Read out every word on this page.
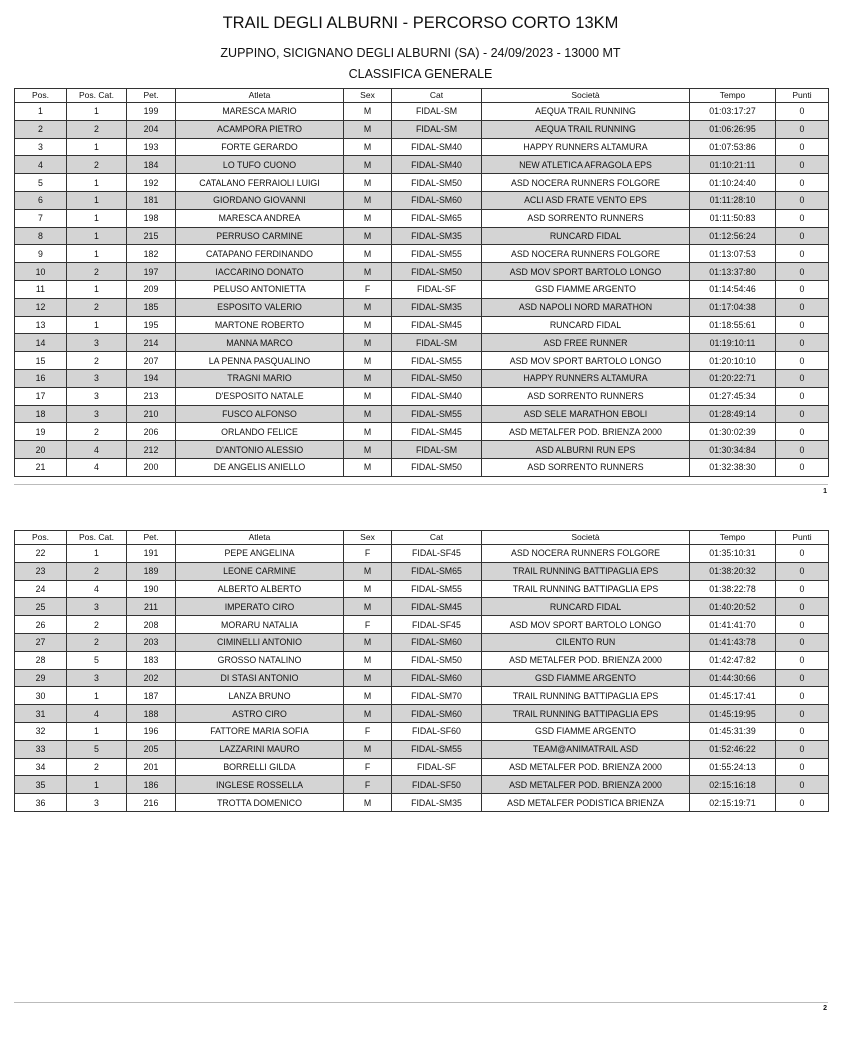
TRAIL DEGLI ALBURNI - PERCORSO CORTO 13KM
ZUPPINO, SICIGNANO DEGLI ALBURNI (SA) - 24/09/2023 - 13000 MT
CLASSIFICA GENERALE
Pos.	Pos. Cat.	Pet.	Atleta	Sex	Cat	Società	Tempo	Punti
1	1	199	MARESCA MARIO	M	FIDAL-SM	AEQUA TRAIL RUNNING	01:03:17:27	0
2	2	204	ACAMPORA PIETRO	M	FIDAL-SM	AEQUA TRAIL RUNNING	01:06:26:95	0
3	1	193	FORTE GERARDO	M	FIDAL-SM40	HAPPY RUNNERS ALTAMURA	01:07:53:86	0
4	2	184	LO TUFO CUONO	M	FIDAL-SM40	NEW ATLETICA AFRAGOLA EPS	01:10:21:11	0
5	1	192	CATALANO FERRAIOLI LUIGI	M	FIDAL-SM50	ASD NOCERA RUNNERS FOLGORE	01:10:24:40	0
6	1	181	GIORDANO GIOVANNI	M	FIDAL-SM60	ACLI ASD FRATE VENTO EPS	01:11:28:10	0
7	1	198	MARESCA ANDREA	M	FIDAL-SM65	ASD SORRENTO RUNNERS	01:11:50:83	0
8	1	215	PERRUSO CARMINE	M	FIDAL-SM35	RUNCARD FIDAL	01:12:56:24	0
9	1	182	CATAPANO FERDINANDO	M	FIDAL-SM55	ASD NOCERA RUNNERS FOLGORE	01:13:07:53	0
10	2	197	IACCARINO DONATO	M	FIDAL-SM50	ASD MOV SPORT BARTOLO LONGO	01:13:37:80	0
11	1	209	PELUSO ANTONIETTA	F	FIDAL-SF	GSD FIAMME ARGENTO	01:14:54:46	0
12	2	185	ESPOSITO VALERIO	M	FIDAL-SM35	ASD NAPOLI NORD MARATHON	01:17:04:38	0
13	1	195	MARTONE ROBERTO	M	FIDAL-SM45	RUNCARD FIDAL	01:18:55:61	0
14	3	214	MANNA MARCO	M	FIDAL-SM	ASD FREE RUNNER	01:19:10:11	0
15	2	207	LA PENNA PASQUALINO	M	FIDAL-SM55	ASD MOV SPORT BARTOLO LONGO	01:20:10:10	0
16	3	194	TRAGNI MARIO	M	FIDAL-SM50	HAPPY RUNNERS ALTAMURA	01:20:22:71	0
17	3	213	D'ESPOSITO NATALE	M	FIDAL-SM40	ASD SORRENTO RUNNERS	01:27:45:34	0
18	3	210	FUSCO ALFONSO	M	FIDAL-SM55	ASD SELE MARATHON EBOLI	01:28:49:14	0
19	2	206	ORLANDO FELICE	M	FIDAL-SM45	ASD METALFER POD. BRIENZA 2000	01:30:02:39	0
20	4	212	D'ANTONIO ALESSIO	M	FIDAL-SM	ASD ALBURNI RUN EPS	01:30:34:84	0
21	4	200	DE ANGELIS ANIELLO	M	FIDAL-SM50	ASD SORRENTO RUNNERS	01:32:38:30	0
1
Pos.	Pos. Cat.	Pet.	Atleta	Sex	Cat	Società	Tempo	Punti
22	1	191	PEPE ANGELINA	F	FIDAL-SF45	ASD NOCERA RUNNERS FOLGORE	01:35:10:31	0
23	2	189	LEONE CARMINE	M	FIDAL-SM65	TRAIL RUNNING BATTIPAGLIA EPS	01:38:20:32	0
24	4	190	ALBERTO ALBERTO	M	FIDAL-SM55	TRAIL RUNNING BATTIPAGLIA EPS	01:38:22:78	0
25	3	211	IMPERATO CIRO	M	FIDAL-SM45	RUNCARD FIDAL	01:40:20:52	0
26	2	208	MORARU NATALIA	F	FIDAL-SF45	ASD MOV SPORT BARTOLO LONGO	01:41:41:70	0
27	2	203	CIMINELLI ANTONIO	M	FIDAL-SM60	CILENTO RUN	01:41:43:78	0
28	5	183	GROSSO NATALINO	M	FIDAL-SM50	ASD METALFER POD. BRIENZA 2000	01:42:47:82	0
29	3	202	DI STASI ANTONIO	M	FIDAL-SM60	GSD FIAMME ARGENTO	01:44:30:66	0
30	1	187	LANZA BRUNO	M	FIDAL-SM70	TRAIL RUNNING BATTIPAGLIA EPS	01:45:17:41	0
31	4	188	ASTRO CIRO	M	FIDAL-SM60	TRAIL RUNNING BATTIPAGLIA EPS	01:45:19:95	0
32	1	196	FATTORE MARIA SOFIA	F	FIDAL-SF60	GSD FIAMME ARGENTO	01:45:31:39	0
33	5	205	LAZZARINI MAURO	M	FIDAL-SM55	TEAM@ANIMATRAIL ASD	01:52:46:22	0
34	2	201	BORRELLI GILDA	F	FIDAL-SF	ASD METALFER POD. BRIENZA 2000	01:55:24:13	0
35	1	186	INGLESE ROSSELLA	F	FIDAL-SF50	ASD METALFER POD. BRIENZA 2000	02:15:16:18	0
36	3	216	TROTTA DOMENICO	M	FIDAL-SM35	ASD METALFER PODISTICA BRIENZA	02:15:19:71	0
2
